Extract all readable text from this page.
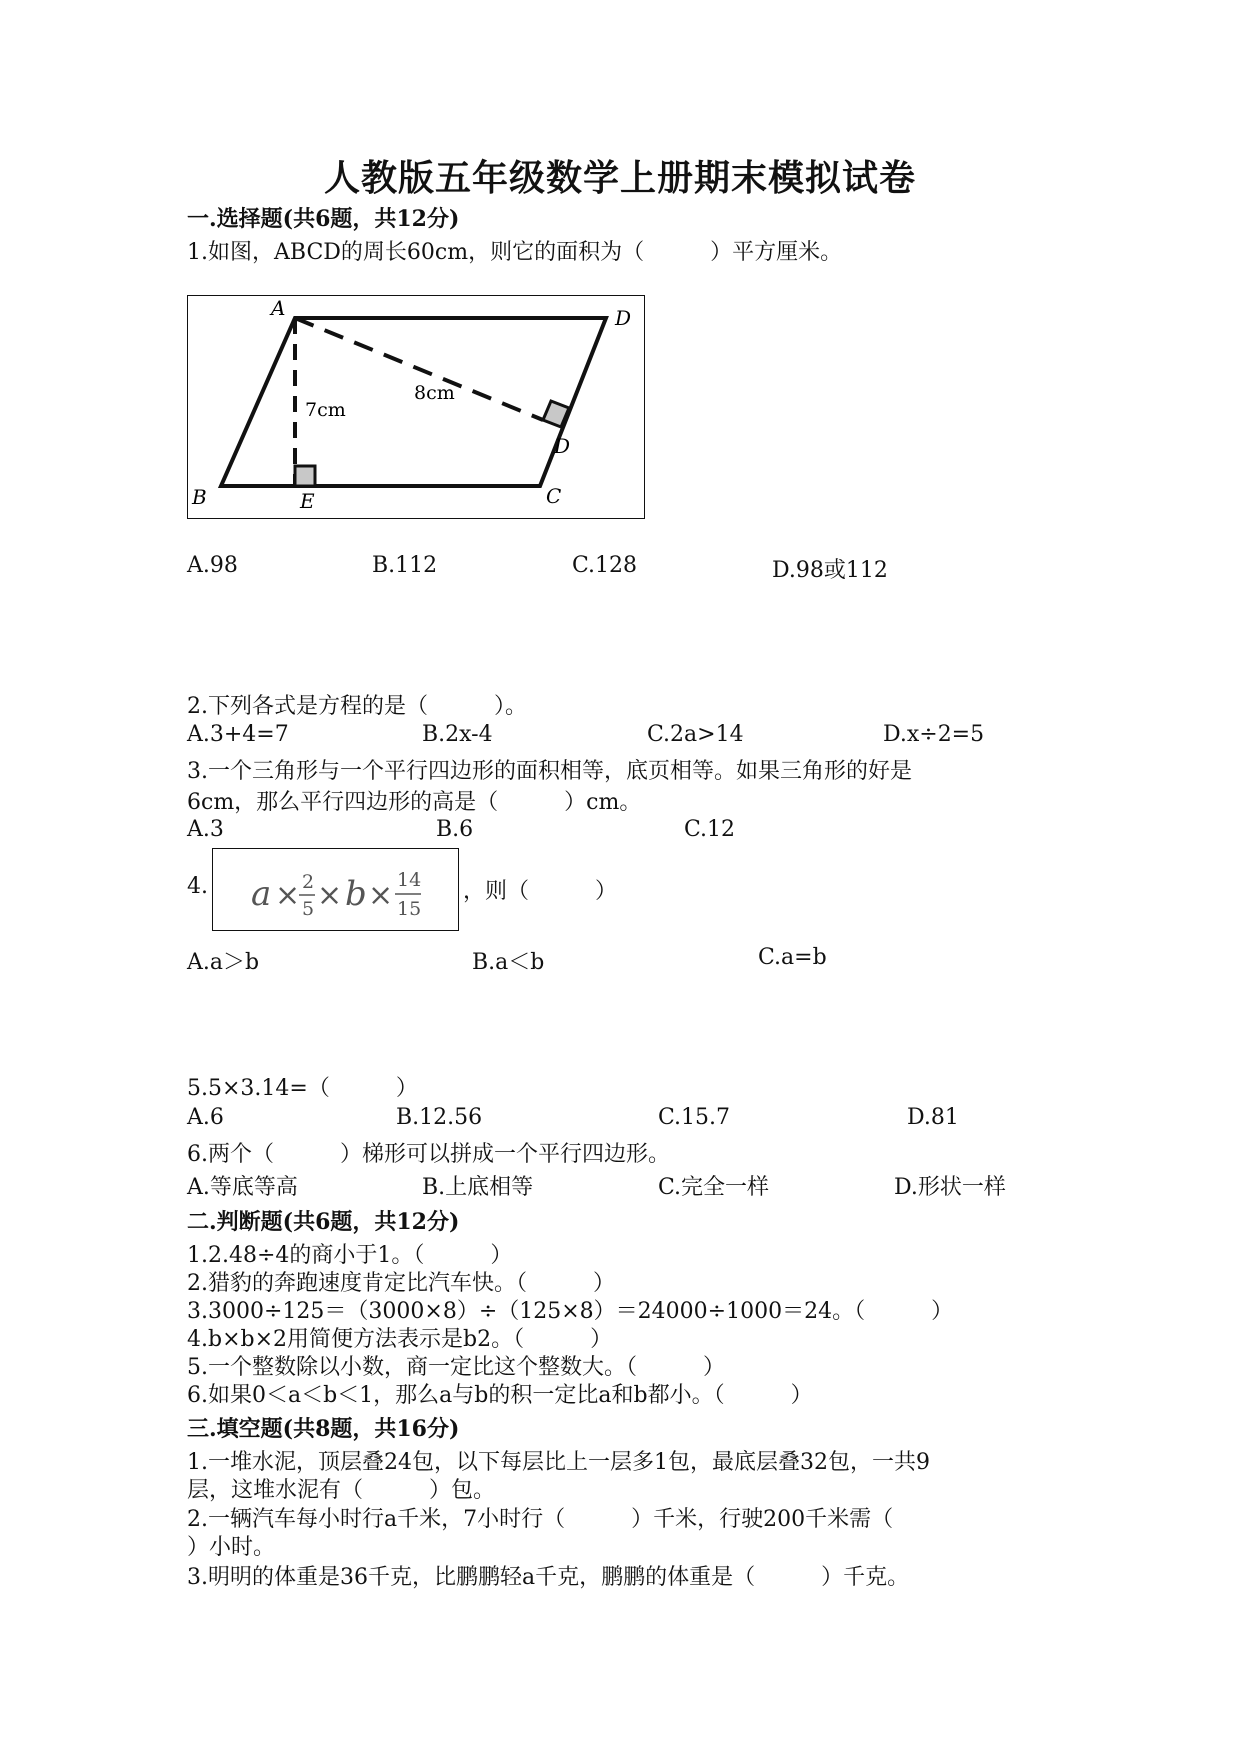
人教版五年级数学上册期末模拟试卷
一.选择题(共6题，共12分)
1.如图，ABCD的周长60cm，则它的面积为（　　　）平方厘米。
A	D
D
B	E	C
7cm
8cm
A.98	B.112	C.128	D.98或112
2.下列各式是方程的是（　　　）。
A.3+4=7	B.2x-4	C.2a>14	D.x÷2=5
3.一个三角形与一个平行四边形的面积相等，底页相等。如果三角形的好是
6cm，那么平行四边形的高是（　　　）cm。
A.3	B.6	C.12
4. a × 2
5 × b × 14
15
，则（　　　）
A.a＞b	B.a＜b	C.a=b
5.5×3.14=（　　　）
A.6	B.12.56	C.15.7	D.81
6.两个（　　　）梯形可以拼成一个平行四边形。
A.等底等高	B.上底相等	C.完全一样	D.形状一样
二.判断题(共6题，共12分)
1.2.48÷4的商小于1。（　　　）
2.猎豹的奔跑速度肯定比汽车快。（　　　）
3.3000÷125＝（3000×8）÷（125×8）＝24000÷1000＝24。（　　　）
4.b×b×2用简便方法表示是b2。（　　　）
5.一个整数除以小数，商一定比这个整数大。（　　　）
6.如果0＜a＜b＜1，那么a与b的积一定比a和b都小。（　　　）
三.填空题(共8题，共16分)
1.一堆水泥，顶层叠24包，以下每层比上一层多1包，最底层叠32包，一共9
层，这堆水泥有（　　　）包。
2.一辆汽车每小时行a千米，7小时行（　　　）千米，行驶200千米需（
）小时。
3.明明的体重是36千克，比鹏鹏轻a千克，鹏鹏的体重是（　　　）千克。
